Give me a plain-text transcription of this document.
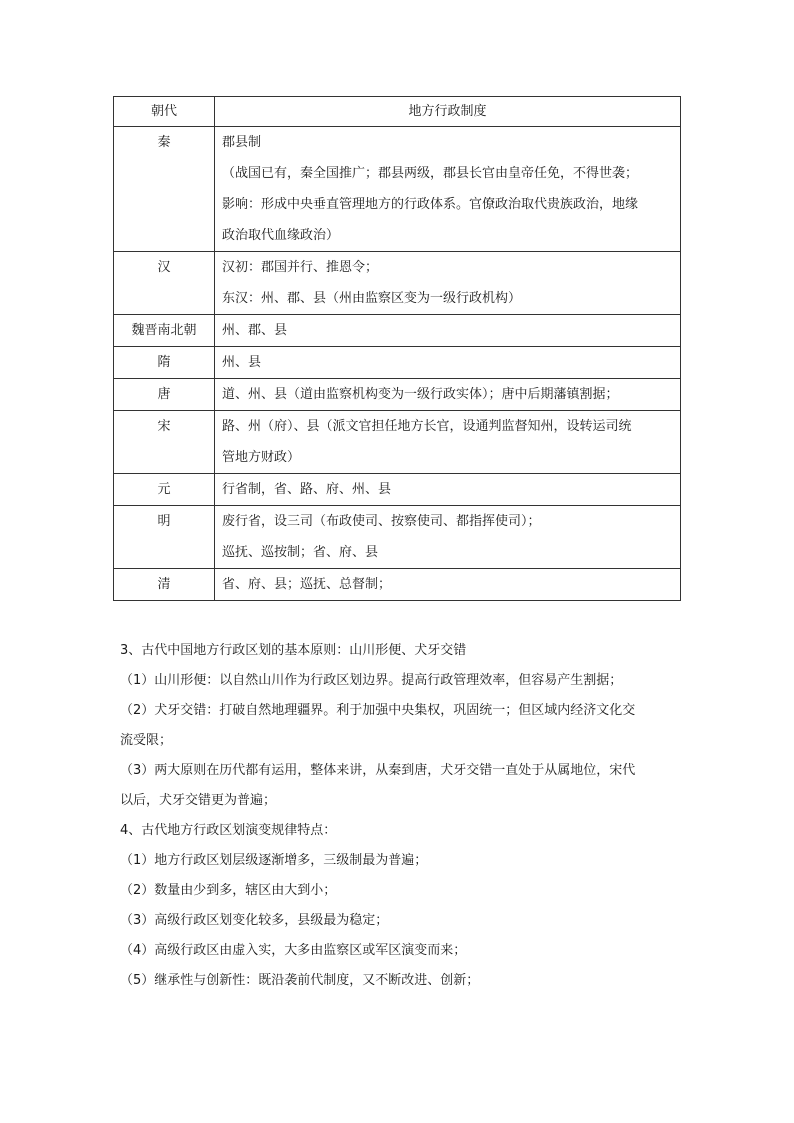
朝代	地方行政制度
秦	郡县制
（战国已有，秦全国推广；郡县两级，郡县长官由皇帝任免，不得世袭；
影响：形成中央垂直管理地方的行政体系。官僚政治取代贵族政治，地缘
政治取代血缘政治）

汉	汉初：郡国并行、推恩令；
东汉：州、郡、县（州由监察区变为一级行政机构）

魏晋南北朝	州、郡、县

隋	州、县

唐	道、州、县（道由监察机构变为一级行政实体）；唐中后期藩镇割据；

宋	路、州（府）、县（派文官担任地方长官，设通判监督知州，设转运司统
管地方财政）

元	行省制，省、路、府、州、县

明	废行省，设三司（布政使司、按察使司、都指挥使司）；
巡抚、巡按制；省、府、县

清	省、府、县；巡抚、总督制；
3、古代中国地方行政区划的基本原则：山川形便、犬牙交错
（1）山川形便：以自然山川作为行政区划边界。提高行政管理效率，但容易产生割据；
（2）犬牙交错：打破自然地理疆界。利于加强中央集权，巩固统一；但区域内经济文化交
流受限；
（3）两大原则在历代都有运用，整体来讲，从秦到唐，犬牙交错一直处于从属地位，宋代
以后，犬牙交错更为普遍；
4、古代地方行政区划演变规律特点：
（1）地方行政区划层级逐渐增多，三级制最为普遍；
（2）数量由少到多，辖区由大到小；
（3）高级行政区划变化较多，县级最为稳定；
（4）高级行政区由虚入实，大多由监察区或军区演变而来；
（5）继承性与创新性：既沿袭前代制度，又不断改进、创新；
